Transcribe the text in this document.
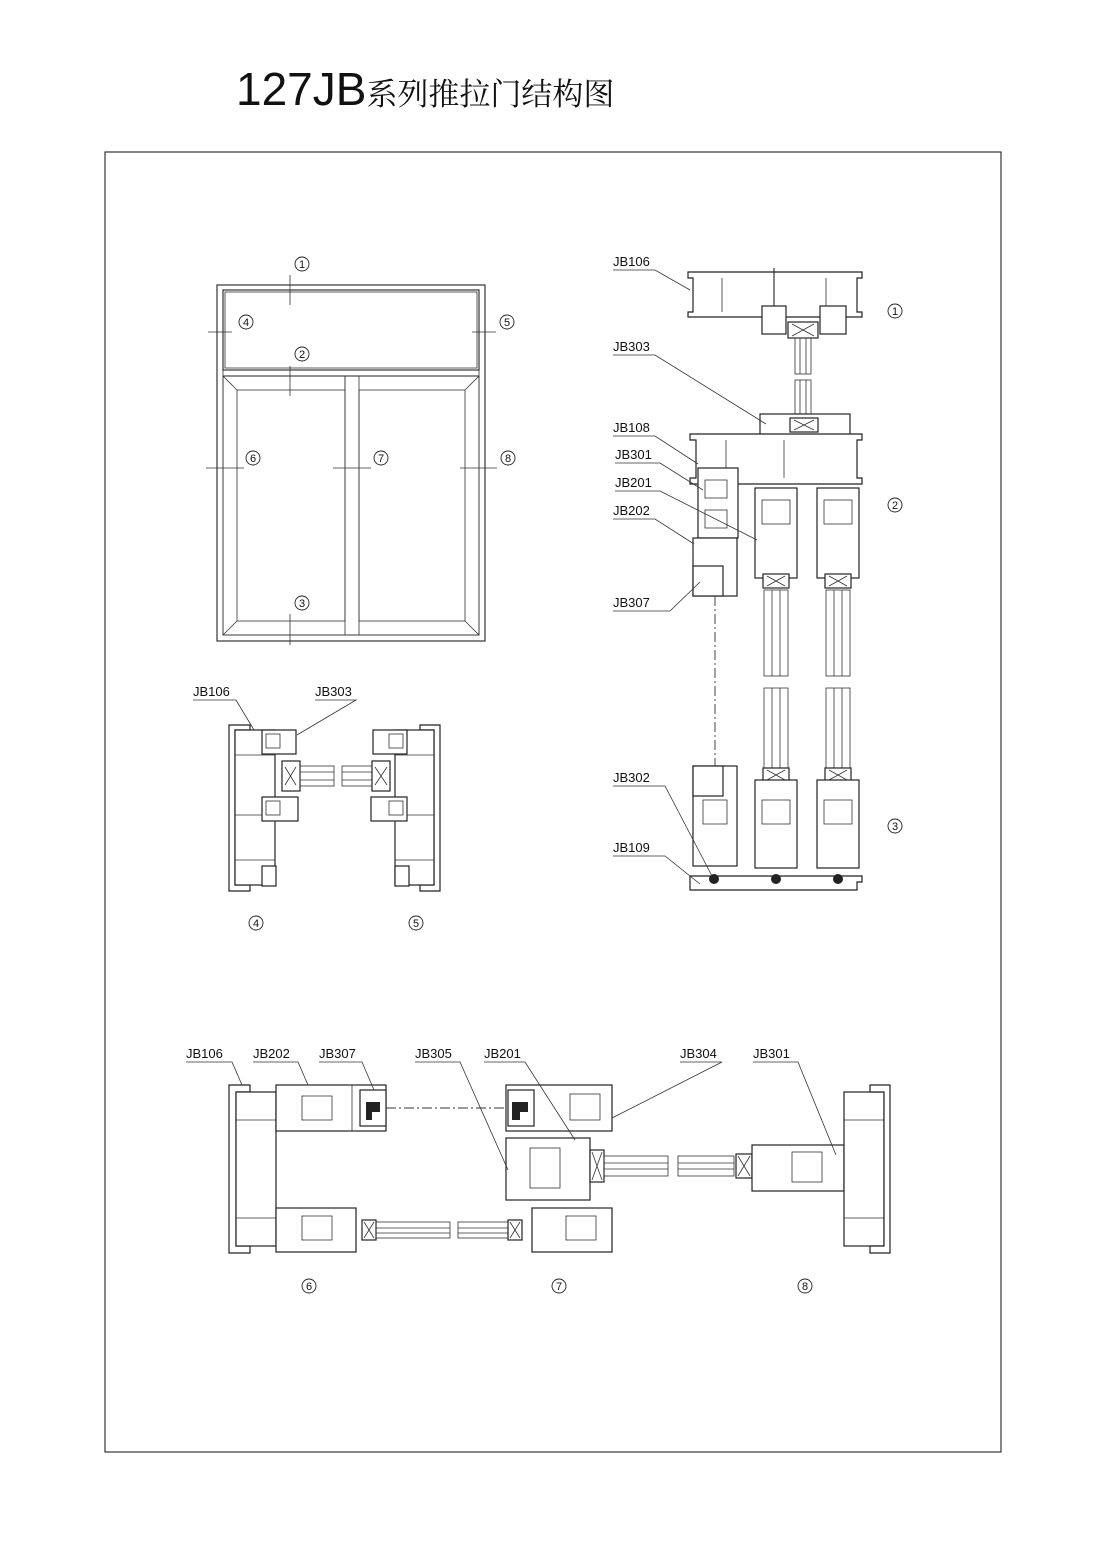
127JB系列推拉门结构图
1
2
3
4	5
6	7	8
JB106	JB303
4	5
JB106
JB303
JB108
JB301
JB201
JB202
JB307
JB302
JB109
1
2
3
JB106 JB202 JB307	JB305 JB201	JB304	JB301
6	7	8
